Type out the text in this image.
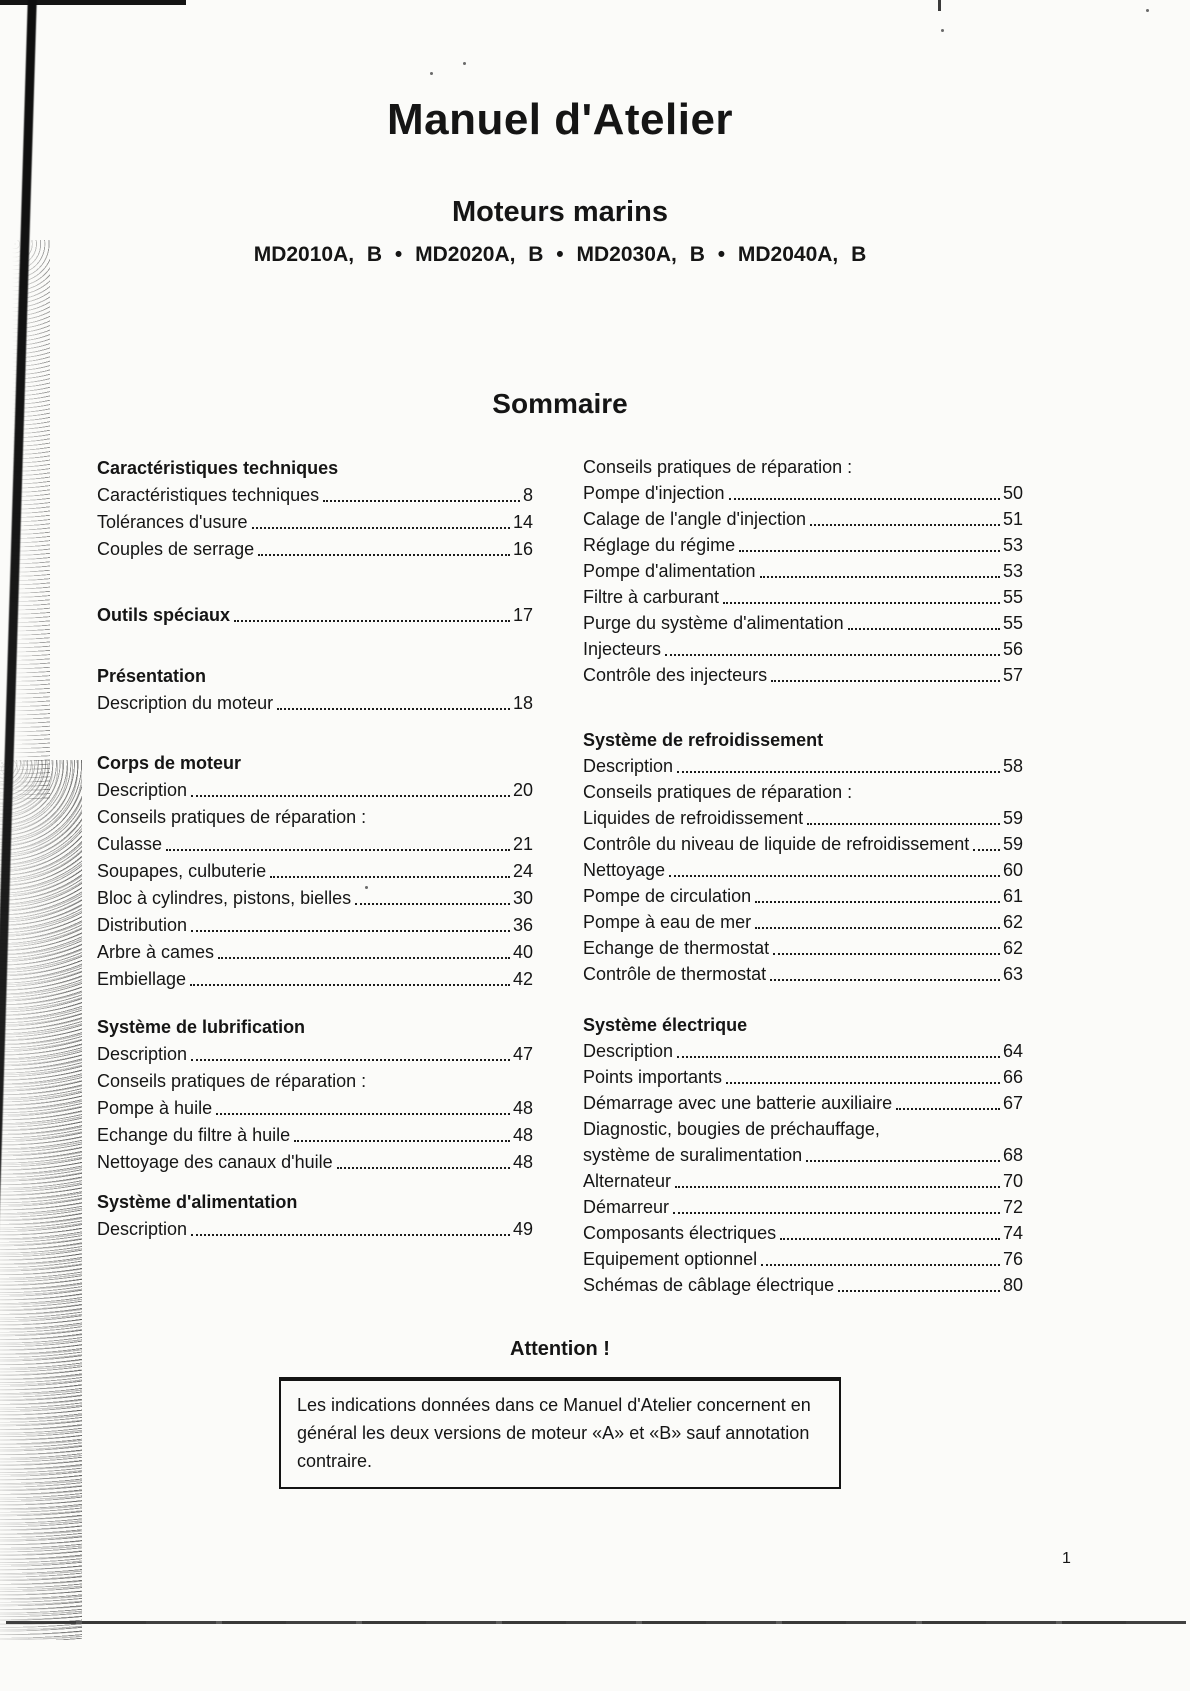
Manuel d'Atelier
Moteurs marins
MD2010A, B • MD2020A, B • MD2030A, B • MD2040A, B
Sommaire
Caractéristiques techniques
Caractéristiques techniques	8
Tolérances d'usure	14
Couples de serrage	16
Outils spéciaux	17
Présentation
Description du moteur	18
Corps de moteur
Description	20
Conseils pratiques de réparation :
Culasse	21
Soupapes, culbuterie	24
Bloc à cylindres, pistons, bielles	30
Distribution	36
Arbre à cames	40
Embiellage	42
Système de lubrification
Description	47
Conseils pratiques de réparation :
Pompe à huile	48
Echange du filtre à huile	48
Nettoyage des canaux d'huile	48
Système d'alimentation
Description	49
Conseils pratiques de réparation :
Pompe d'injection	50
Calage de l'angle d'injection	51
Réglage du régime	53
Pompe d'alimentation	53
Filtre à carburant	55
Purge du système d'alimentation	55
Injecteurs	56
Contrôle des injecteurs	57
Système de refroidissement
Description	58
Conseils pratiques de réparation :
Liquides de refroidissement	59
Contrôle du niveau de liquide de refroidissement 59
Nettoyage	60
Pompe de circulation	61
Pompe à eau de mer	62
Echange de thermostat	62
Contrôle de thermostat	63
Système électrique
Description	64
Points importants	66
Démarrage avec une batterie auxiliaire	67
Diagnostic, bougies de préchauffage,
système de suralimentation	68
Alternateur	70
Démarreur	72
Composants électriques	74
Equipement optionnel	76
Schémas de câblage électrique	80
Attention !
Les indications données dans ce Manuel d'Atelier concernent en général les deux versions de moteur «A» et «B» sauf annotation contraire.
1
